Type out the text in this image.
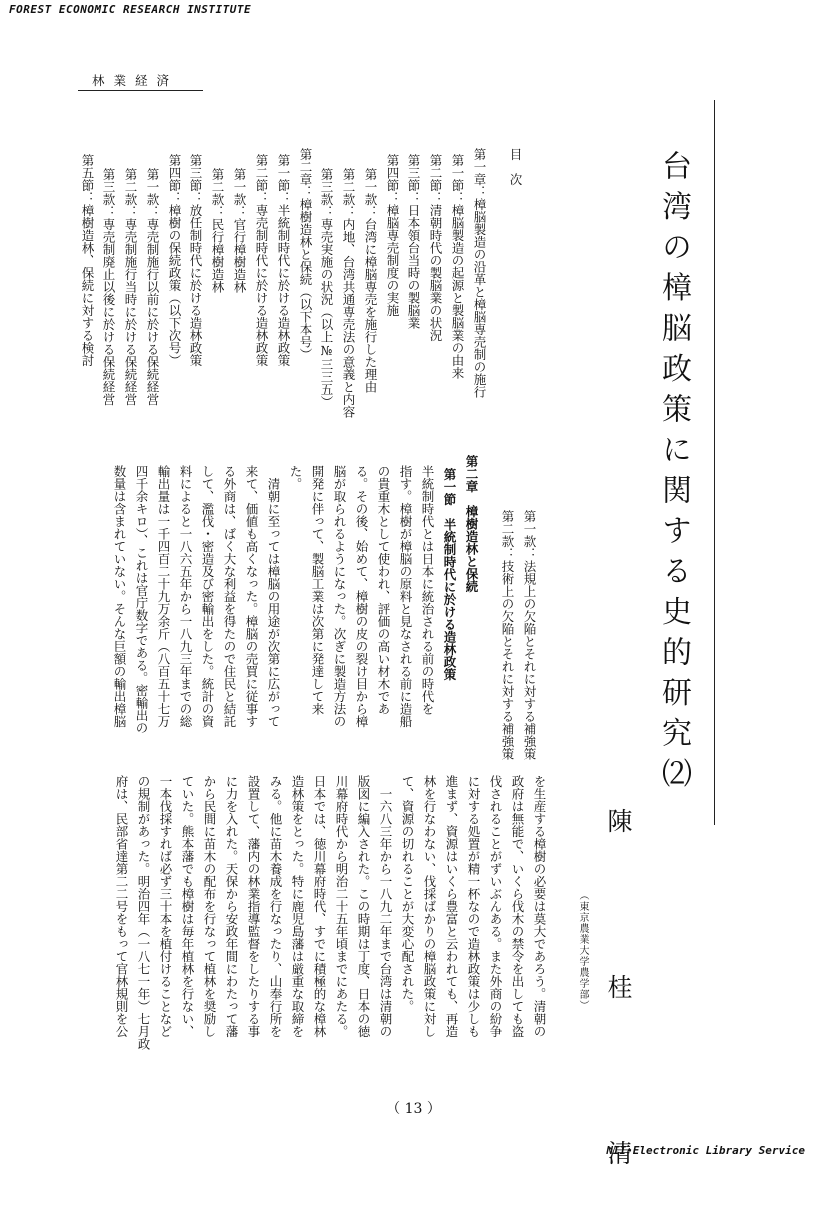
FOREST ECONOMIC RESEARCH INSTITUTE
林業経済
台湾の樟脳政策に関する史的研究⑵
陳　桂　清
（東京農業大学農学部）
目　次
第一章：樟脳製造の沿革と樟脳専売制の施行
第一節：樟脳製造の起源と製脳業の由来
第二節：清朝時代の製脳業の状況
第三節：日本領台当時の製脳業
第四節：樟脳専売制度の実施
第一款：台湾に樟脳専売を施行した理由
第二款：内地、台湾共通専売法の意義と内容
第三款：専売実施の状況（以上№三三五）
第二章：樟樹造林と保続（以下本号）
第一節：半統制時代に於ける造林政策
第二節：専売制時代に於ける造林政策
第一款：官行樟樹造林
第二款：民行樟樹造林
第三節：放任制時代に於ける造林政策
第四節：樟樹の保続政策（以下次号）
第一款：専売制施行以前に於ける保続経営
第二款：専売制施行当時に於ける保続経営
第三款：専売制廃止以後に於ける保続経営
第五節：樟樹造林、保続に対する検討
第一款：法規上の欠陥とそれに対する補強策
第二款：技術上の欠陥とそれに対する補強策
第二章　樟樹造林と保続
第一節　半統制時代に於ける造林政策
半統制時代とは日本に統治される前の時代を
指す。樟樹が樟脳の原料と見なされる前に造船
の貴重木として使われ、評価の高い材木であ
る。その後、始めて、樟樹の皮の裂け目から樟
脳が取られるようになった。次ぎに製造方法の
開発に伴って、製脳工業は次第に発達して来
た。
　清朝に至っては樟脳の用途が次第に広がって
来て、価値も高くなった。樟脳の売買に従事す
る外商は、ばく大な利益を得たので住民と結託
して、濫伐・密造及び密輸出をした。統計の資
料によると一八六五年から一八九三年までの総
輸出量は一千四百二十九万余斤（八百五十七万
四千余キロ）、これは官庁数字である。密輸出の
数量は含まれていない。そんな巨額の輸出樟脳
を生産する樟樹の必要は莫大であろう。清朝の
政府は無能で、いくら伐木の禁令を出しても盗
伐されることがずいぶんある。また外商の紛争
に対する処置が精一杯なので造林政策は少しも
進まず、資源はいくら豊富と云われても、再造
林を行なわない、伐採ばかりの樟脳政策に対し
て、資源の切れることが大変心配された。
　一六八三年から一八九二年まで台湾は清朝の
版図に編入された。この時期は丁度、日本の徳
川幕府時代から明治二十五年頃までにあたる。
日本では、徳川幕府時代、すでに積極的な樟林
造林策をとった。特に鹿児島藩は厳重な取締を
みる。他に苗木養成を行なったり、山奉行所を
設置して、藩内の林業指導監督をしたりする事
に力を入れた。天保から安政年間にわたって藩
から民間に苗木の配布を行なって植林を奨励し
ていた。熊本藩でも樟樹は毎年植林を行ない、
一本伐採すれば必ず三十本を植付けることなど
の規制があった。明治四年（一八七一年）七月政
府は、民部省達第二二号をもって官林規則を公
（ 13 ）
NII-Electronic Library Service
